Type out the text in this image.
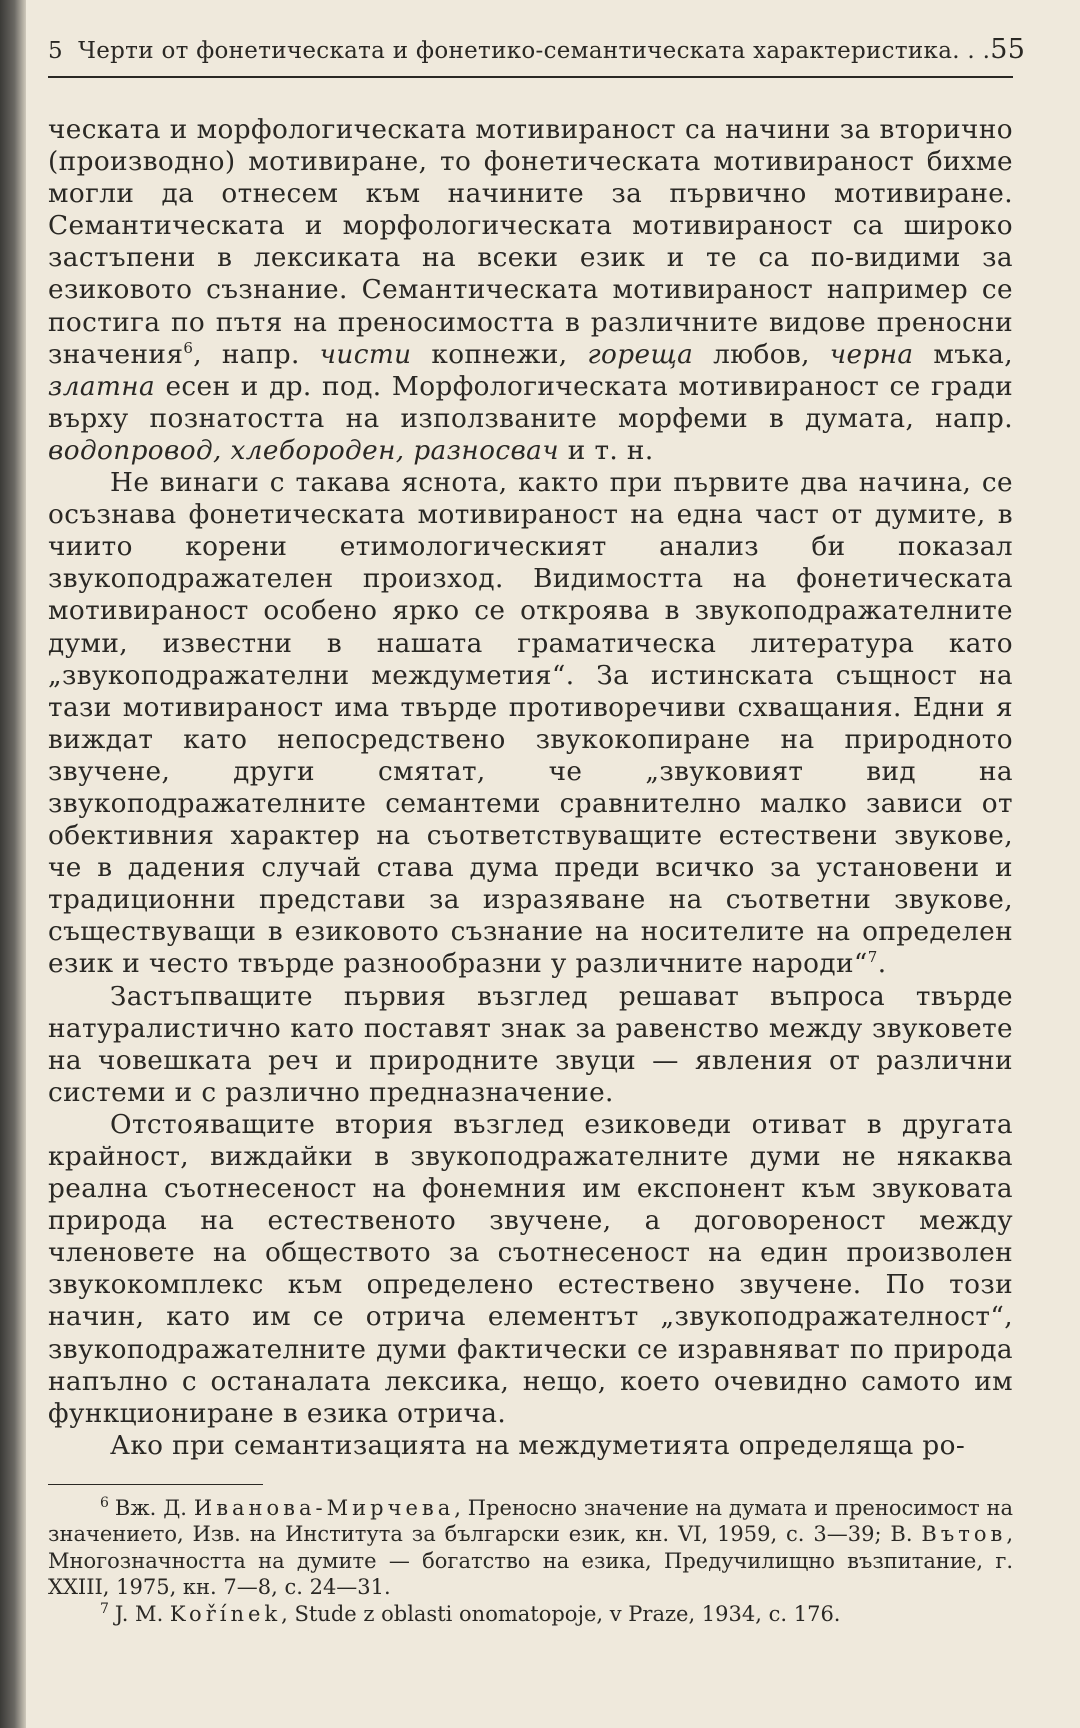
5 Черти от фонетическата и фонетико-семантическата характеристика. . . 55

ческата и морфологическата мотивираност са начини за вторично (производно) мотивиране, то фонетическата мотивираност бихме могли да отнесем към начините за първично мотивиране. Семантическата и морфологическата мотивираност са широко застъпени в лексиката на всеки език и те са по-видими за езиковото съзнание. Семантическата мотивираност например се постига по пътя на преносимостта в различните видове преносни значения$^6$, напр. чисти копнежи, гореща любов, черна мъка, златна есен и др. под. Морфологическата мотивираност се гради върху познатостта на използваните морфеми в думата, напр. водопровод, хлебороден, разносвач и т. н.

Не винаги с такава яснота, както при първите два начина, се осъзнава фонетическата мотивираност на една част от думите, в чиито корени етимологическият анализ би показал звукоподражателен произход. Видимостта на фонетическата мотивираност особено ярко се откроява в звукоподражателните думи, известни в нашата граматическа литература като „звукоподражателни междуметия“. За истинската същност на тази мотивираност има твърде противоречиви схващания. Едни я виждат като непосредствено звукокопиране на природното звучене, други смятат, че „звуковият вид на звукоподражателните семантеми сравнително малко зависи от обективния характер на съответствуващите естествени звукове, че в дадения случай става дума преди всичко за установени и традиционни представи за изразяване на съответни звукове, съществуващи в езиковото съзнание на носителите на определен език и често твърде разнообразни у различните народи“$^7$.

Застъпващите първия възглед решават въпроса твърде натуралистично като поставят знак за равенство между звуковете на човешката реч и природните звуци — явления от различни системи и с различно предназначение.

Отстояващите втория възглед езиковеди отиват в другата крайност, виждайки в звукоподражателните думи не някаква реална съотнесеност на фонемния им експонент към звуковата природа на естественото звучене, а договореност между членовете на обществото за съотнесеност на един произволен звукокомплекс към определено естествено звучене. По този начин, като им се отрича елементът „звукоподражателност“, звукоподражателните думи фактически се изравняват по природа напълно с останалата лексика, нещо, което очевидно самото им функциониране в езика отрича.

Ако при семантизацията на междуметията определяща ро-

$^6$ Вж. Д. Иванова-Мирчева, Преносно значение на думата и преносимост на значението, Изв. на Института за български език, кн. VI, 1959, с. 3—39; В. Вътов, Многозначността на думите — богатство на езика, Предучилищно възпитание, г. XXIII, 1975, кн. 7—8, с. 24—31.

$^7$ J. M. Kořínek, Stude z oblasti onomatopoje, v Praze, 1934, с. 176.
